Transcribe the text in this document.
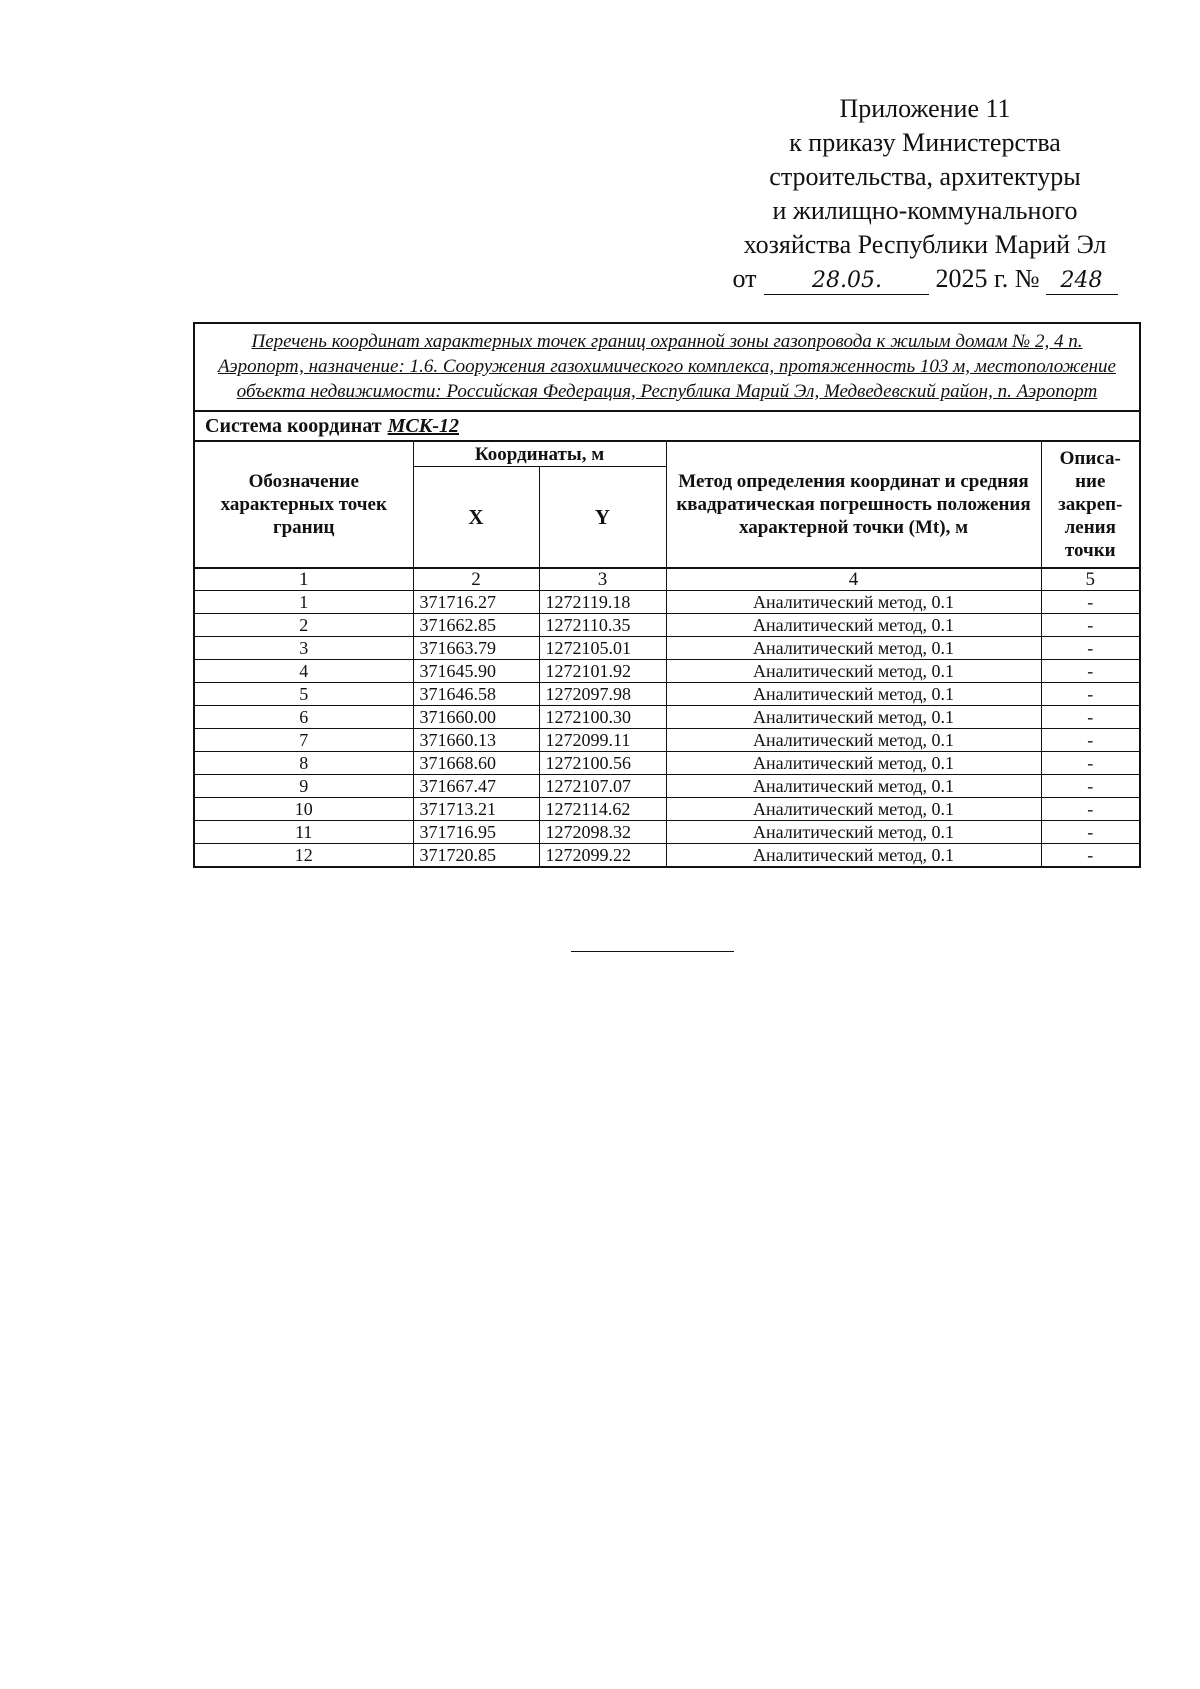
Приложение 11
к приказу Министерства
строительства, архитектуры
и жилищно-коммунального
хозяйства Республики Марий Эл
от	28.05. 2025 г. № 248

Перечень координат характерных точек границ охранной зоны газопровода к жилым домам № 2, 4 п. Аэропорт, назначение: 1.6. Сооружения газохимического комплекса, протяженность 103 м, местоположение объекта недвижимости: Российская Федерация, Республика Марий Эл, Медведевский район, п. Аэропорт

Система координат МСК-12
Обозначение характерных точек границ	Координаты, м		Метод определения координат и средняя квадратическая погрешность положения характерной точки (Mt), м	Описа-ние закреп-ления точки
	X	Y		
1	2	3	4	5
1	371716.27	1272119.18	Аналитический метод, 0.1	-
2	371662.85	1272110.35	Аналитический метод, 0.1	-
3	371663.79	1272105.01	Аналитический метод, 0.1	-
4	371645.90	1272101.92	Аналитический метод, 0.1	-
5	371646.58	1272097.98	Аналитический метод, 0.1	-
6	371660.00	1272100.30	Аналитический метод, 0.1	-
7	371660.13	1272099.11	Аналитический метод, 0.1	-
8	371668.60	1272100.56	Аналитический метод, 0.1	-
9	371667.47	1272107.07	Аналитический метод, 0.1	-
10	371713.21	1272114.62	Аналитический метод, 0.1	-
11	371716.95	1272098.32	Аналитический метод, 0.1	-
12	371720.85	1272099.22	Аналитический метод, 0.1	-
